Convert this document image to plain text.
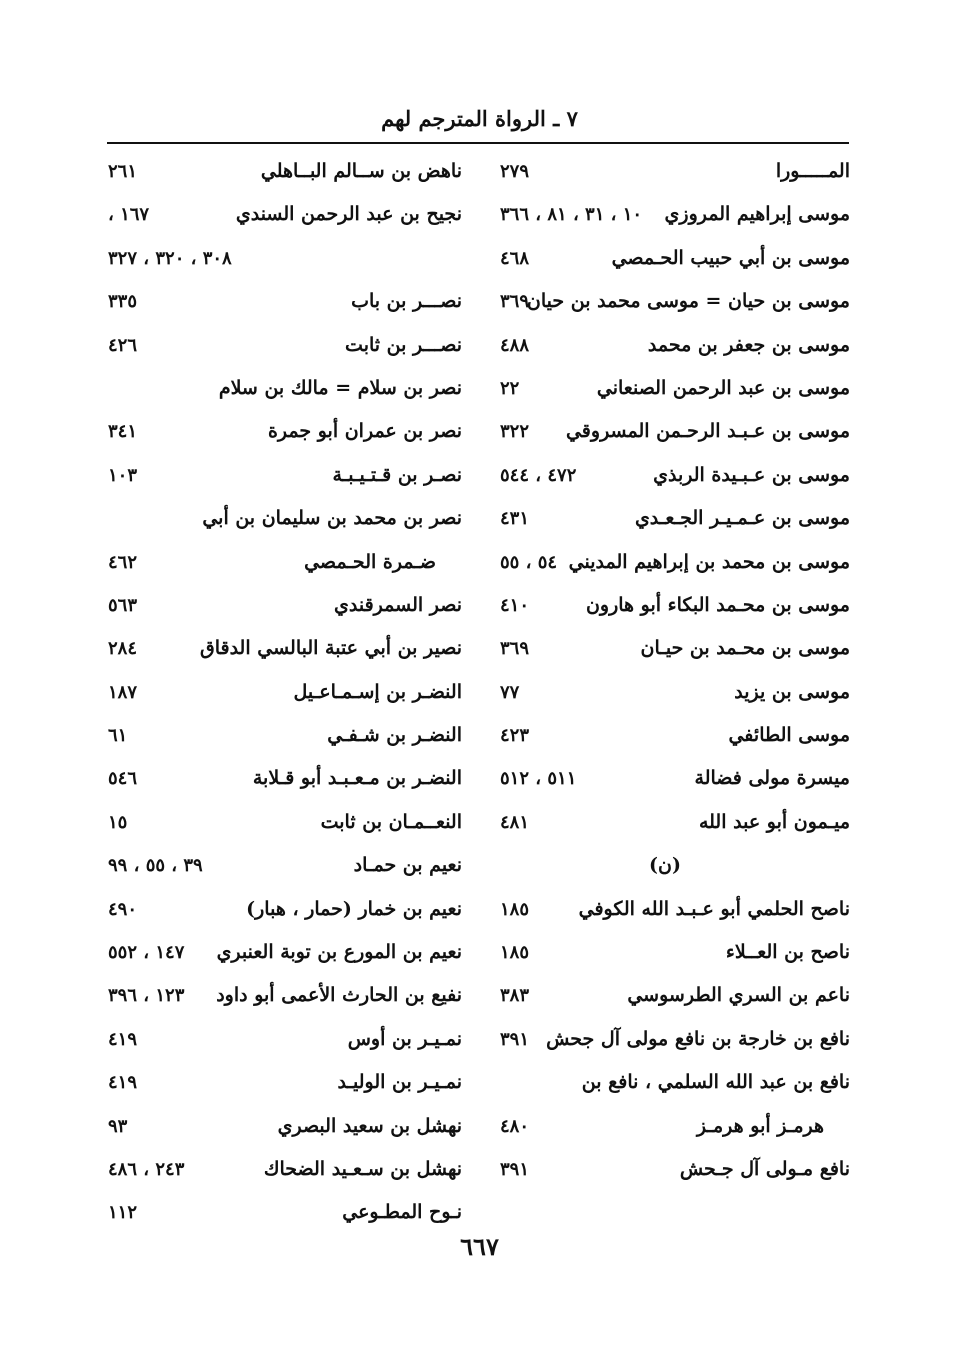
٧ ـ الرواة المترجم لهم
المـــــورا
٢٧٩
موسى إبراهيم المروزي
١٠ ، ٣١ ، ٨١ ، ٣٦٦
موسى بن أبي حبيب الحـمصي
٤٦٨
موسى بن حيان = موسى محمد بن حيان
٣٦٩
موسى بن جعفر بن محمد
٤٨٨
موسى بن عبد الرحمن الصنعاني
٢٢
موسى بن عـبـد الرحـمن المسروقي
٣٢٢
موسى بن عـبـيدة الربذي
٤٧٢ ، ٥٤٤
موسى بن عـمـيـر الجـعـدي
٤٣١
موسى بن محمد بن إبراهيم المديني
٥٤ ، ٥٥
موسى بن محـمد البكاء أبو هارون
٤١٠
موسى بن محـمد بن حيـان
٣٦٩
موسى بن يزيد
٧٧
موسى الطائفي
٤٢٣
ميسرة مولى فضالة
٥١١ ، ٥١٢
ميـمون أبو عبد الله
٤٨١
(ن)
ناصح الحلمي أبو عـبـد الله الكوفي
١٨٥
ناصح بن العــلاء
١٨٥
ناعم بن السري الطرسوسي
٣٨٣
نافع بن خارجة بن نافع مولى آل جحش
٣٩١
نافع بن عبد الله السلمي ، نافع بن
هرمـز أبو هرمـز
٤٨٠
نافع مـولى آل جـحش
٣٩١
ناهض بن ســالم البــاهلي
٢٦١
نجيح بن عبد الرحمن السندي
١٦٧ ،
٣٠٨ ، ٣٢٠ ، ٣٢٧
نصـــر بن باب
٣٣٥
نصـــر بن ثابت
٤٢٦
نصر بن سلام = مالك بن سلام
نصر بن عمران أبو جمرة
٣٤١
نصـر بن قـتـيـبـة
١٠٣
نصر بن محمد بن سليمان بن أبي
ضـمرة الحـمصي
٤٦٢
نصر السمرقندي
٥٦٣
نصير بن أبي عتبة البالسي الدقاق
٢٨٤
النضـر بن إسـمـاعـيل
١٨٧
النضـر بن شـفـي
٦١
النضـر بن مـعـبـد أبو قـلابة
٥٤٦
النعــمـان بن ثابت
١٥
نعيم بن حمـاد
٣٩ ، ٥٥ ، ٩٩
نعيم بن خمار (حمار ، هبار)
٤٩٠
نعيم بن المورع بن توبة العنبري
١٤٧ ، ٥٥٢
نفيع بن الحارث الأعمى أبو داود
١٢٣ ، ٣٩٦
نمـيـر بن أوس
٤١٩
نمـيـر بن الوليـد
٤١٩
نهشل بن سعيد البصري
٩٣
نهشل بن سـعـيد الضحاك
٢٤٣ ، ٤٨٦
نـوح المطـوعي
١١٢
٦٦٧
